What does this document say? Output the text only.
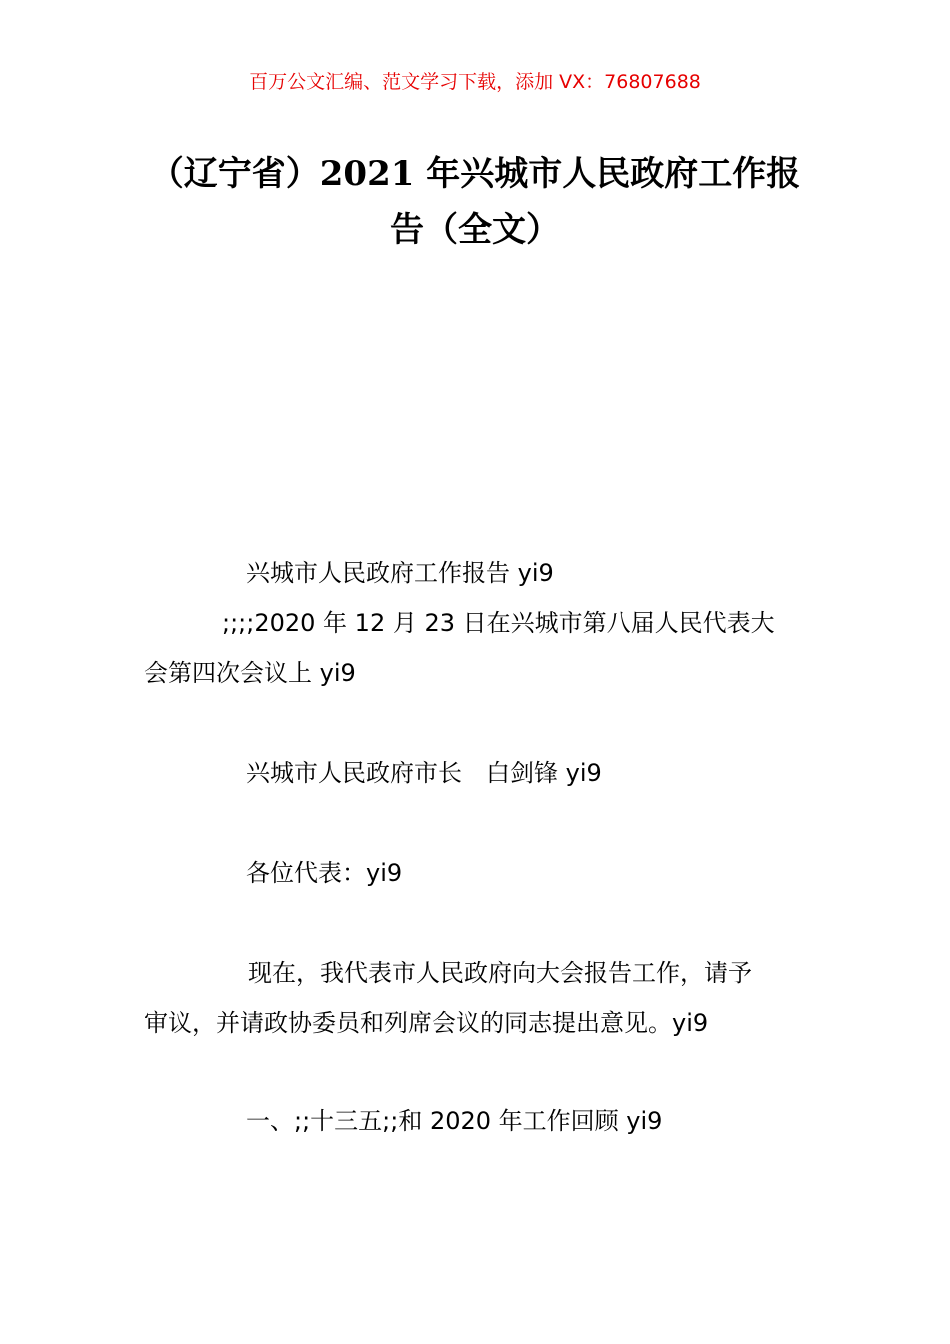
百万公文汇编、范文学习下载，添加 VX：76807688
（辽宁省）2021 年兴城市人民政府工作报
告（全文）
兴城市人民政府工作报告 yi9
;;;;2020 年 12 月 23 日在兴城市第八届人民代表大
会第四次会议上 yi9
兴城市人民政府市长　白剑锋 yi9
各位代表：yi9
现在，我代表市人民政府向大会报告工作，请予
审议，并请政协委员和列席会议的同志提出意见。yi9
一、;;十三五;;和 2020 年工作回顾 yi9
